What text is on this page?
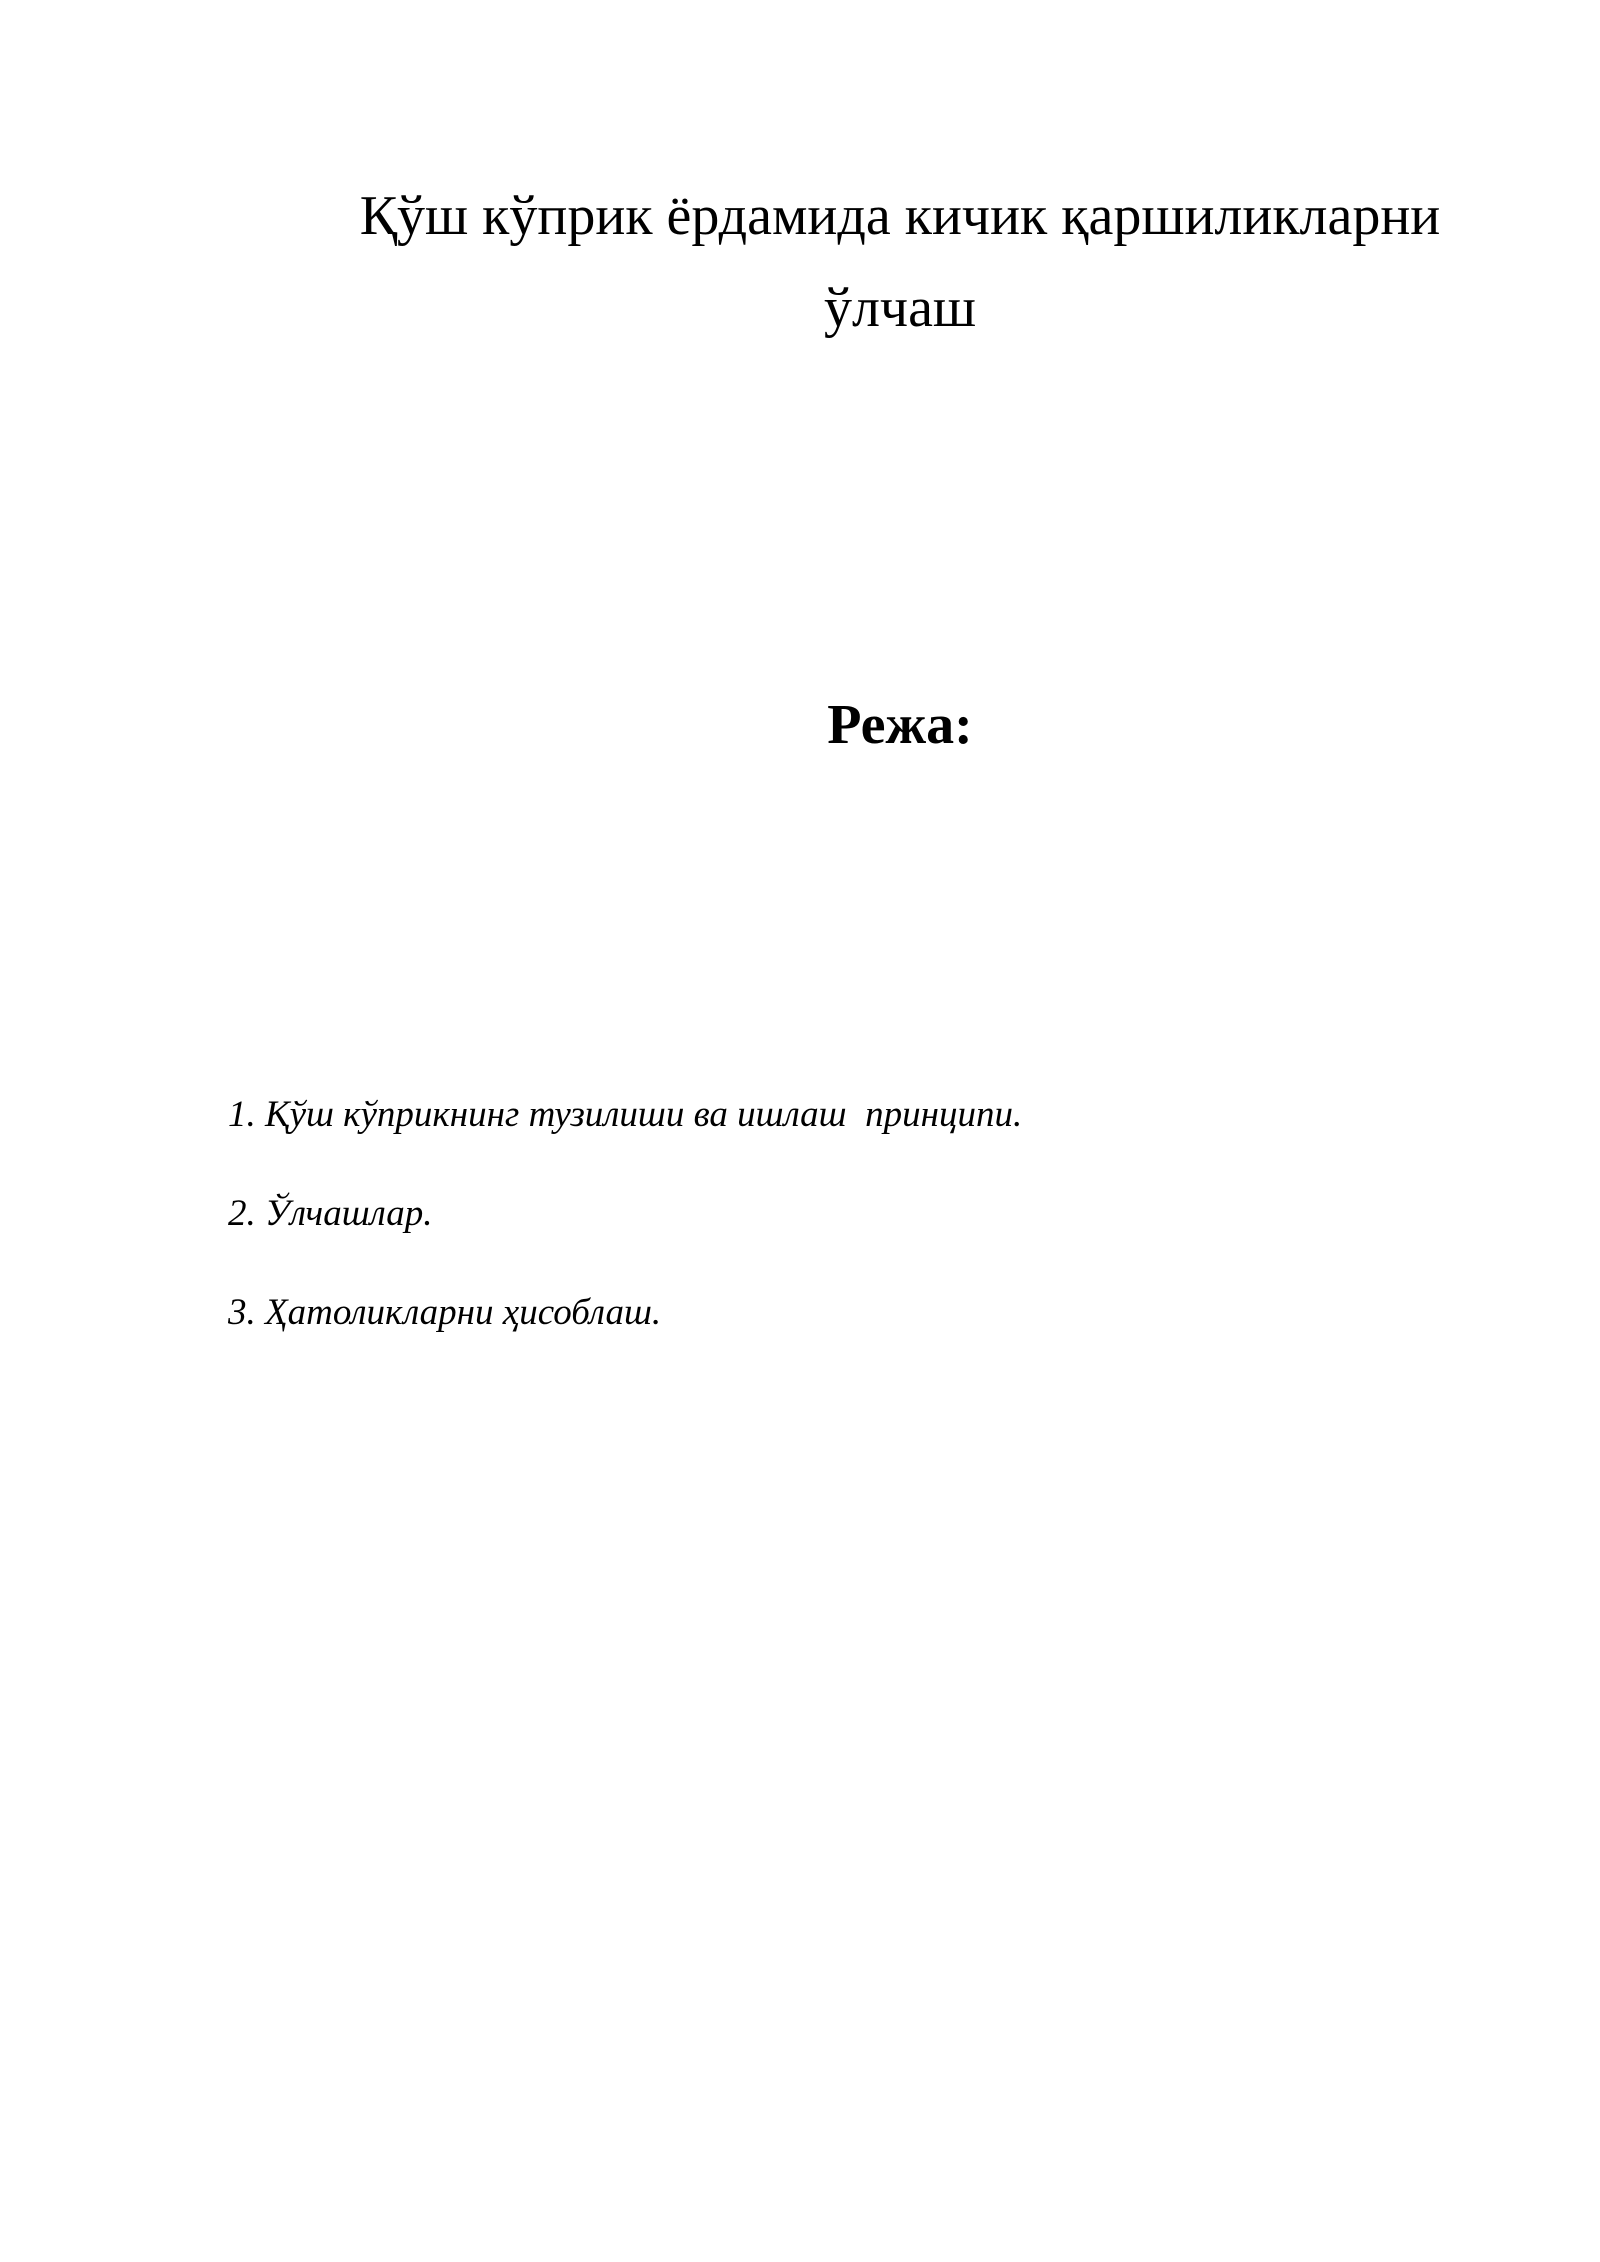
Қўш кўприк ёрдамида кичик қаршиликларни
ўлчаш
Режа:
1. Қўш кўприкнинг тузилиши ва ишлаш  принципи.
2. Ўлчашлар.
3. Ҳатоликларни ҳисоблаш.
